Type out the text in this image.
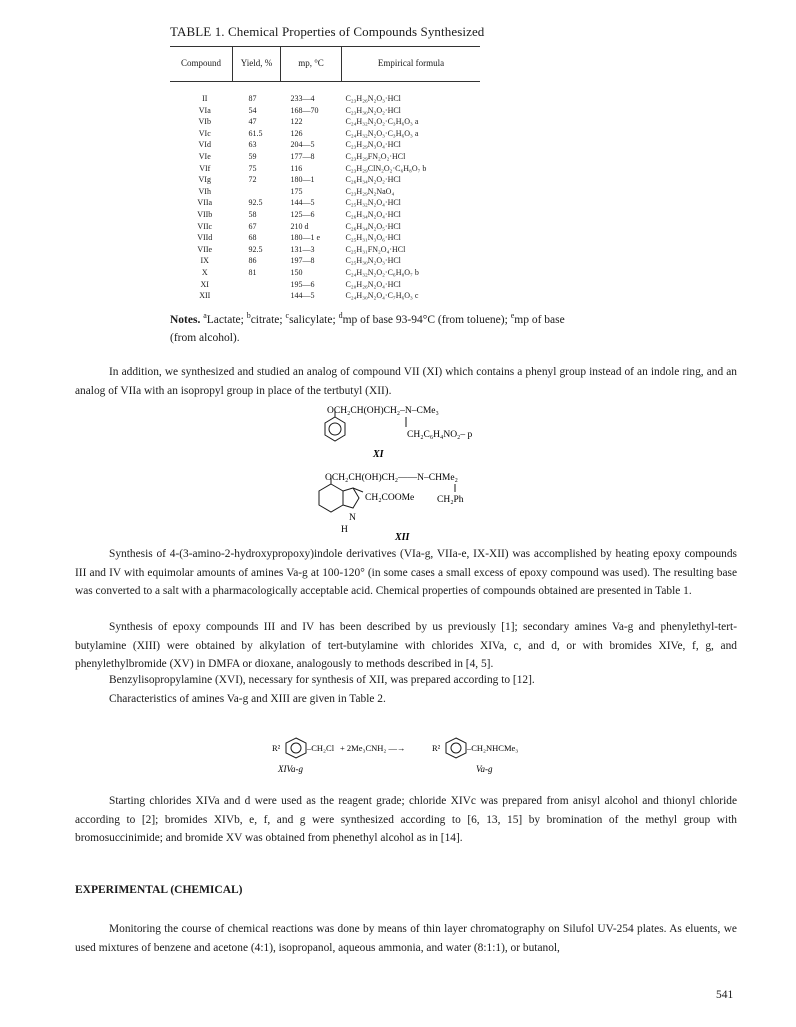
TABLE 1. Chemical Properties of Compounds Synthesized
Compound	Yield, %	mp, °C	Empirical formula
II	87	233—4	C₂₃H₂₆N₂O₃·HCl
VIa	54	168—70	C₂₃H₃₀N₂O₂·HCl
VIb	47	122	C₂₄H₃₂N₂O₂·C₃H₆O₃ a
VIc	61.5	126	C₂₄H₃₂N₂O₃·C₃H₆O₃ a
VId	63	204—5	C₂₃H₂₉N₃O₄·HCl
VIe	59	177—8	C₂₃H₂₉FN₂O₂·HCl
VIf	75	116	C₂₃H₂₉ClN₂O₂·C₆H₈O₇ b
VIg	72	180—1	C₂₆H₃₄N₂O₂·HCl
VIh		175	C₂₃H₂₉N₂NaO₄
VIIa	92.5	144—5	C₂₅H₃₂N₂O₄·HCl
VIIb	58	125—6	C₂₆H₃₄N₂O₄·HCl
VIIc	67	210 d	C₂₆H₃₄N₂O₅·HCl
VIId	68	180—1 e	C₂₅H₃₁N₃O₆·HCl
VIIe	92.5	131—3	C₂₅H₃₁FN₂O₄·HCl
IX	86	197—8	C₂₅H₃₀N₂O₃·HCl
X	81	150	C₂₄H₃₂N₂O₂·C₆H₈O₇ b
XI		195—6	C₂₀H₂₆N₂O₄·HCl
XII		144—5	C₂₄H₃₀N₂O₄·C₇H₆O₃ c
Notes. $^a$Lactate; $^b$citrate; $^c$salicylate; $^d$mp of base 93-94°C (from toluene); $^e$mp of base
(from alcohol).
In addition, we synthesized and studied an analog of compound VII (XI) which contains a phenyl group instead of an indole ring, and an analog of VIIa with an isopropyl group in place of the tertbutyl (XII).
OCH₂CH(OH)CH₂–N–CMe₃
CH₂C₆H₄NO₂– p
XI
OCH₂CH(OH)CH₂——N–CHMe₂
CH₂COOMe CH₂Ph
N
H
XII
Synthesis of 4-(3-amino-2-hydroxypropoxy)indole derivatives (VIa-g, VIIa-e, IX-XII) was accomplished by heating epoxy compounds III and IV with equimolar amounts of amines Va-g at 100-120° (in some cases a small excess of epoxy compound was used). The resulting base was converted to a salt with a pharmacologically acceptable acid. Chemical properties of compounds obtained are presented in Table 1.
Synthesis of epoxy compounds III and IV has been described by us previously [1]; secondary amines Va-g and phenylethyl-tert-butylamine (XIII) were obtained by alkylation of tert-butylamine with chlorides XIVa, c, and d, or with bromides XIVe, f, g, and phenylethylbromide (XV) in DMFA or dioxane, analogously to methods described in [4, 5].
Benzylisopropylamine (XVI), necessary for synthesis of XII, was prepared according to [12].
Characteristics of amines Va-g and XIII are given in Table 2.
R²	–CH₂Cl + 2Me₃CNH₂ —→	R²	–CH₂NHCMe₃
XIVa-g	Va-g
Starting chlorides XIVa and d were used as the reagent grade; chloride XIVc was prepared from anisyl alcohol and thionyl chloride according to [2]; bromides XIVb, e, f, and g were synthesized according to [6, 13, 15] by bromination of the methyl group with bromosuccinimide; and bromide XV was obtained from phenethyl alcohol as in [14].
EXPERIMENTAL (CHEMICAL)
Monitoring the course of chemical reactions was done by means of thin layer chromatography on Silufol UV-254 plates. As eluents, we used mixtures of benzene and acetone (4:1), isopropanol, aqueous ammonia, and water (8:1:1), or butanol,
541
